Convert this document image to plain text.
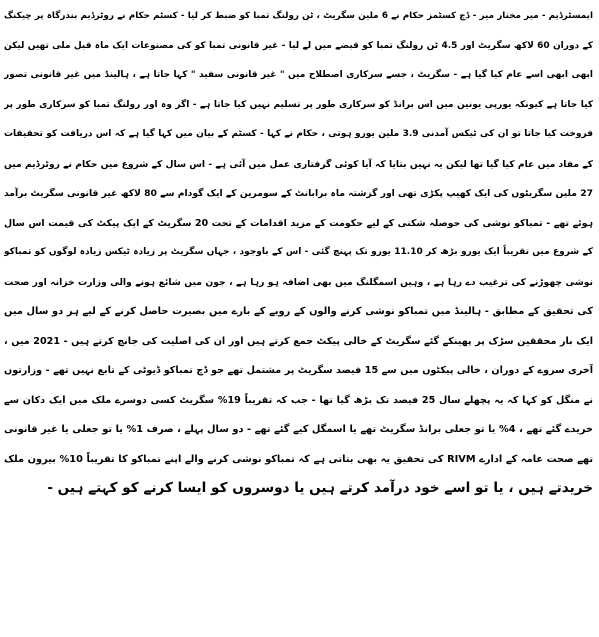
ایمسٹرڈیم - میر مختار میر - ڈچ کسٹمز حکام نے 6 ملین سگریٹ ، ٹن رولنگ تمبا کو ضبط کر لیا - کسٹم حکام نے روٹرڈیم بندرگاہ پر چیکنگ
کے دوران 60 لاکھ سگریٹ اور 4.5 ٹن رولنگ تمبا کو قبضے میں لے لیا - غیر قانونی تمبا کو کی مصنوعات ایک ماہ قبل ملی تھیں لیکن
ابھی ابھی اسے عام کیا گیا ہے - سگریٹ ، جسے سرکاری اصطلاح میں " غیر قانونی سفید " کہا جاتا ہے ، ہالینڈ میں غیر قانونی تصور
کیا جاتا ہے کیونکہ یورپی یونین میں اس برانڈ کو سرکاری طور پر تسلیم نہیں کیا جاتا ہے - اگر وہ اور رولنگ تمبا کو سرکاری طور پر
فروخت کیا جاتا تو ان کی ٹیکس آمدنی 3.9 ملین یورو ہوتی ، حکام نے کہا - کسٹم کے بیان میں کہا گیا ہے کہ اس دریافت کو تحقیقات
کے مفاد میں عام کیا گیا تھا لیکن یہ نہیں بتایا کہ آیا کوئی گرفتاری عمل میں آئی ہے - اس سال کے شروع میں حکام نے روٹرڈیم میں
27 ملین سگریٹوں کی ایک کھیپ پکڑی تھی اور گزشتہ ماہ برابانٹ کے سومرین کے ایک گودام سے 80 لاکھ غیر قانونی سگریٹ برآمد
ہوئے تھے - تمباکو نوشی کی حوصلہ شکنی کے لیے حکومت کے مزید اقدامات کے تحت 20 سگریٹ کے ایک پیکٹ کی قیمت اس سال
کے شروع میں تقریباً ایک یورو بڑھ کر 11.10 یورو تک پہنچ گئی - اس کے باوجود ، جہاں سگریٹ پر زیادہ ٹیکس زیادہ لوگوں کو تمباکو
نوشی چھوڑنے کی ترغیب دے رہا ہے ، وہیں اسمگلنگ میں بھی اضافہ ہو رہا ہے ، جون میں شائع ہونے والی وزارت خزانہ اور صحت
کی تحقیق کے مطابق - ہالینڈ میں تمباکو نوشی کرنے والوں کے رویے کے بارے میں بصیرت حاصل کرنے کے لیے ہر دو سال میں
ایک بار محققین سڑک پر پھینکے گئے سگریٹ کے خالی پیکٹ جمع کرتے ہیں اور ان کی اصلیت کی جانچ کرتے ہیں - 2021 میں ،
آخری سروے کے دوران ، خالی پیکٹوں میں سے 15 فیصد سگریٹ پر مشتمل تھے جو ڈچ تمباکو ڈیوٹی کے تابع نہیں تھے - وزارتوں
نے منگل کو کہا کہ یہ پچھلے سال 25 فیصد تک بڑھ گیا تھا - جب کہ تقریباً 19% سگریٹ کسی دوسرے ملک میں ایک دکان سے
خریدے گئے تھے ، 4% یا تو جعلی برانڈ سگریٹ تھے یا اسمگل کیے گئے تھے - دو سال پہلے ، صرف 1% یا تو جعلی یا غیر قانونی
تھے صحت عامہ کے ادارے RIVM کی تحقیق یہ بھی بتاتی ہے کہ تمباکو نوشی کرنے والے اپنے تمباکو کا تقریباً 10% بیرون ملک
خریدتے ہیں ، یا تو اسے خود درآمد کرتے ہیں یا دوسروں کو ایسا کرنے کو کہتے ہیں -
